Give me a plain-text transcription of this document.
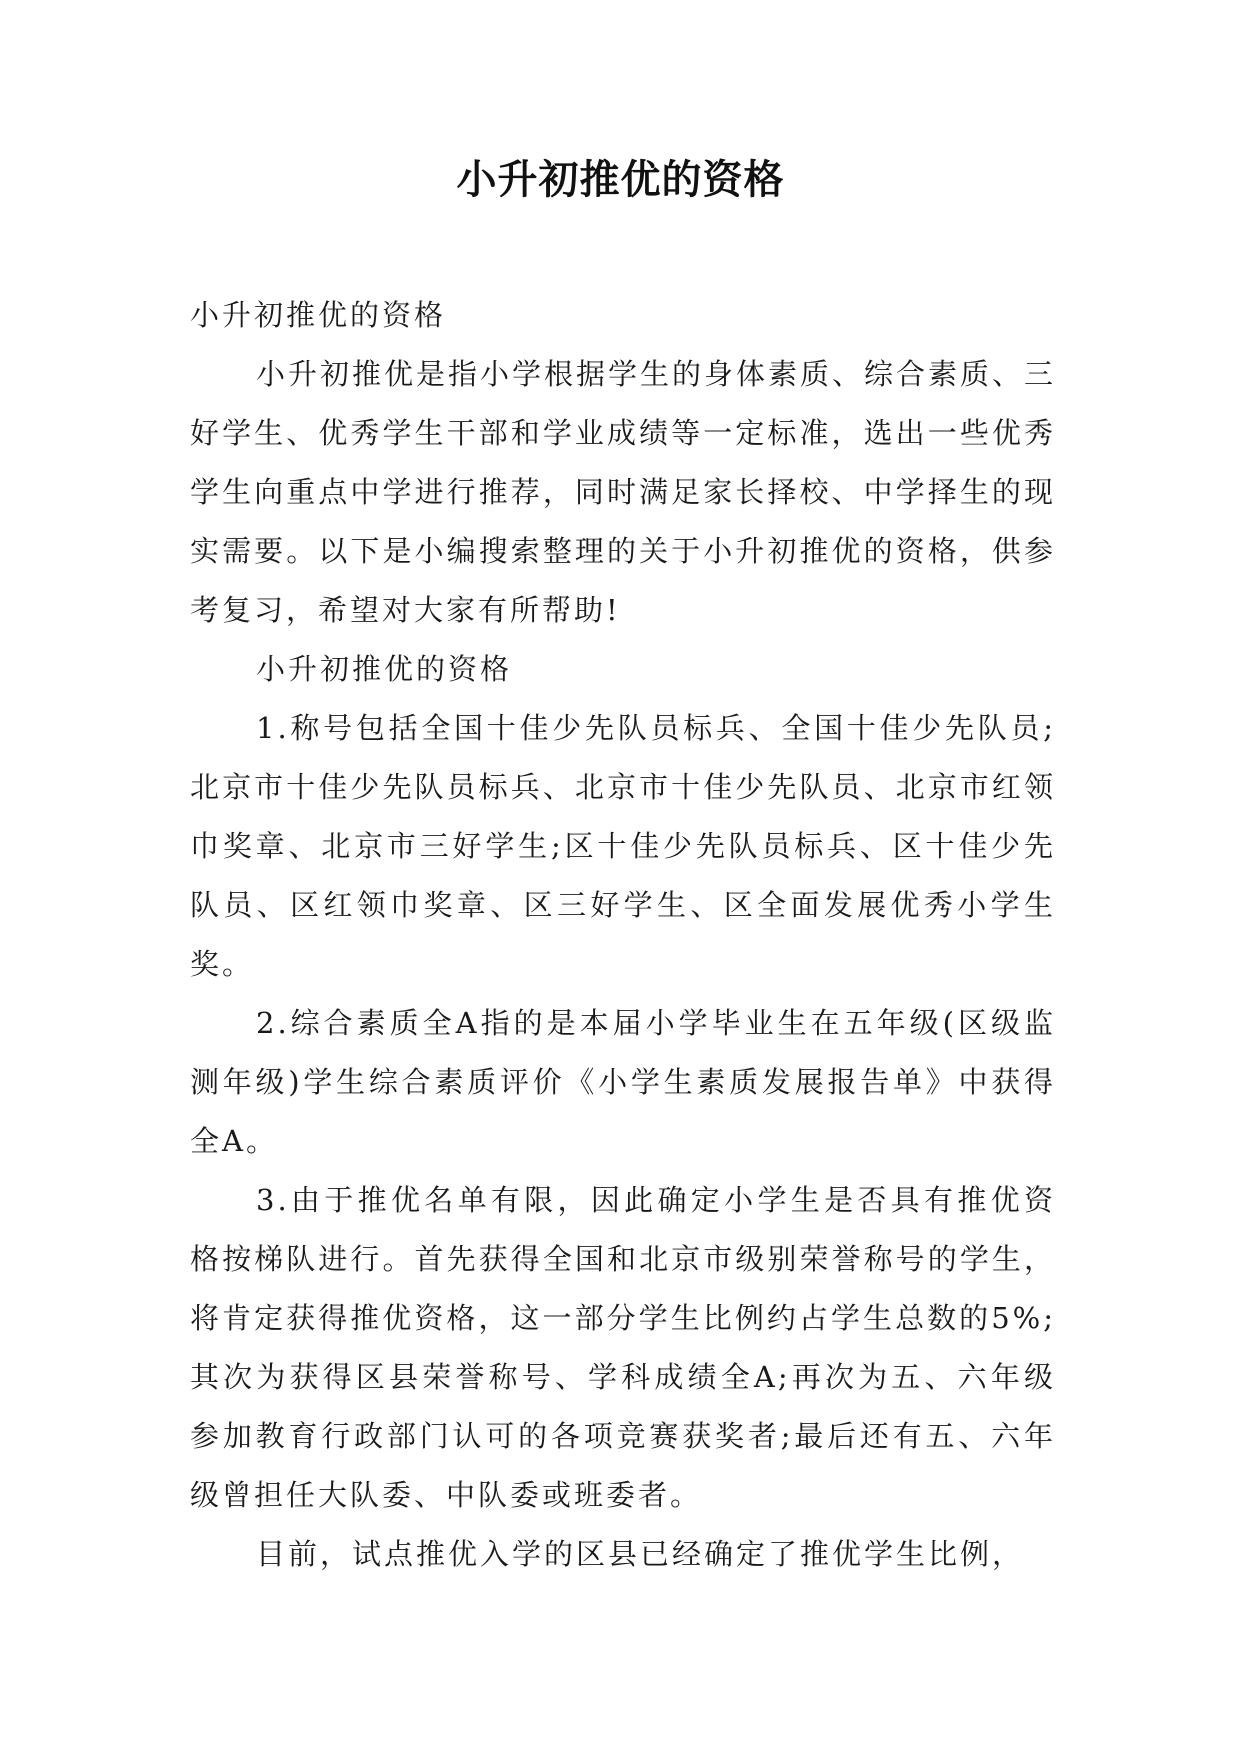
小升初推优的资格

小升初推优的资格

小升初推优是指小学根据学生的身体素质、综合素质、三好学生、优秀学生干部和学业成绩等一定标准，选出一些优秀学生向重点中学进行推荐，同时满足家长择校、中学择生的现实需要。以下是小编搜索整理的关于小升初推优的资格，供参考复习，希望对大家有所帮助!

小升初推优的资格

1.称号包括全国十佳少先队员标兵、全国十佳少先队员;北京市十佳少先队员标兵、北京市十佳少先队员、北京市红领巾奖章、北京市三好学生;区十佳少先队员标兵、区十佳少先队员、区红领巾奖章、区三好学生、区全面发展优秀小学生奖。

2.综合素质全A指的是本届小学毕业生在五年级(区级监测年级)学生综合素质评价《小学生素质发展报告单》中获得全A。

3.由于推优名单有限，因此确定小学生是否具有推优资格按梯队进行。首先获得全国和北京市级别荣誉称号的学生，将肯定获得推优资格，这一部分学生比例约占学生总数的5%;其次为获得区县荣誉称号、学科成绩全A;再次为五、六年级参加教育行政部门认可的各项竞赛获奖者;最后还有五、六年级曾担任大队委、中队委或班委者。

目前，试点推优入学的区县已经确定了推优学生比例，
